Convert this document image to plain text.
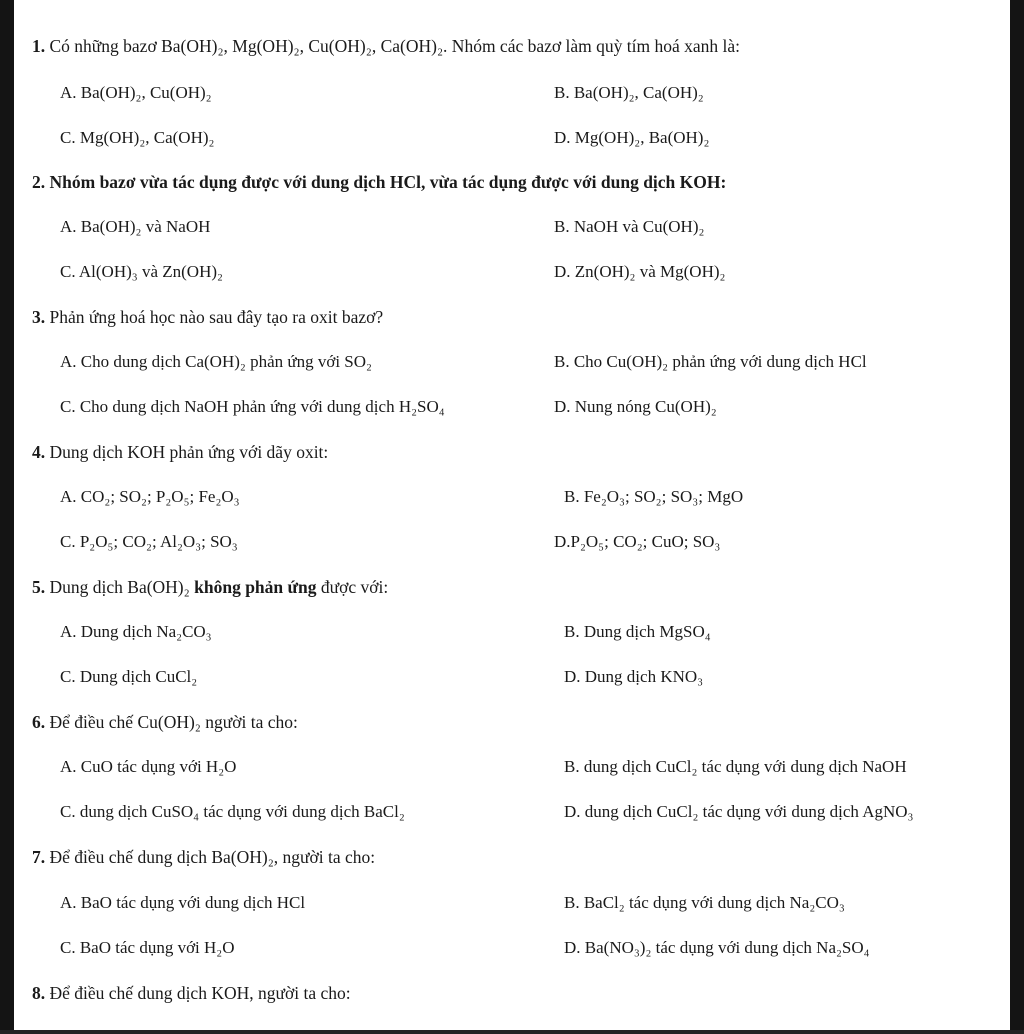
1. Có những bazơ Ba(OH)₂, Mg(OH)₂, Cu(OH)₂, Ca(OH)₂. Nhóm các bazơ làm quỳ tím hoá xanh là:
A. Ba(OH)₂, Cu(OH)₂	B. Ba(OH)₂, Ca(OH)₂
C. Mg(OH)₂, Ca(OH)₂	D. Mg(OH)₂, Ba(OH)₂
2. Nhóm bazơ vừa tác dụng được với dung dịch HCl, vừa tác dụng được với dung dịch KOH:
A. Ba(OH)₂ và NaOH	B. NaOH và Cu(OH)₂
C. Al(OH)₃ và Zn(OH)₂	D. Zn(OH)₂ và Mg(OH)₂
3. Phản ứng hoá học nào sau đây tạo ra oxit bazơ?
A. Cho dung dịch Ca(OH)₂ phản ứng với SO₂	B. Cho Cu(OH)₂ phản ứng với dung dịch HCl
C. Cho dung dịch NaOH phản ứng với dung dịch H₂SO₄	D. Nung nóng Cu(OH)₂
4. Dung dịch KOH phản ứng với dãy oxit:
A. CO₂; SO₂; P₂O₅; Fe₂O₃	B. Fe₂O₃; SO₂; SO₃; MgO
C. P₂O₅; CO₂; Al₂O₃; SO₃	D.P₂O₅; CO₂; CuO; SO₃
5. Dung dịch Ba(OH)₂ không phản ứng được với:
A. Dung dịch Na₂CO₃	B. Dung dịch MgSO₄
C. Dung dịch CuCl₂	D. Dung dịch KNO₃
6. Để điều chế Cu(OH)₂ người ta cho:
A. CuO tác dụng với H₂O	B. dung dịch CuCl₂ tác dụng với dung dịch NaOH
C. dung dịch CuSO₄ tác dụng với dung dịch BaCl₂	D. dung dịch CuCl₂ tác dụng với dung dịch AgNO₃
7. Để điều chế dung dịch Ba(OH)₂, người ta cho:
A. BaO tác dụng với dung dịch HCl	B. BaCl₂ tác dụng với dung dịch Na₂CO₃
C. BaO tác dụng với H₂O	D. Ba(NO₃)₂ tác dụng với dung dịch Na₂SO₄
8. Để điều chế dung dịch KOH, người ta cho:
